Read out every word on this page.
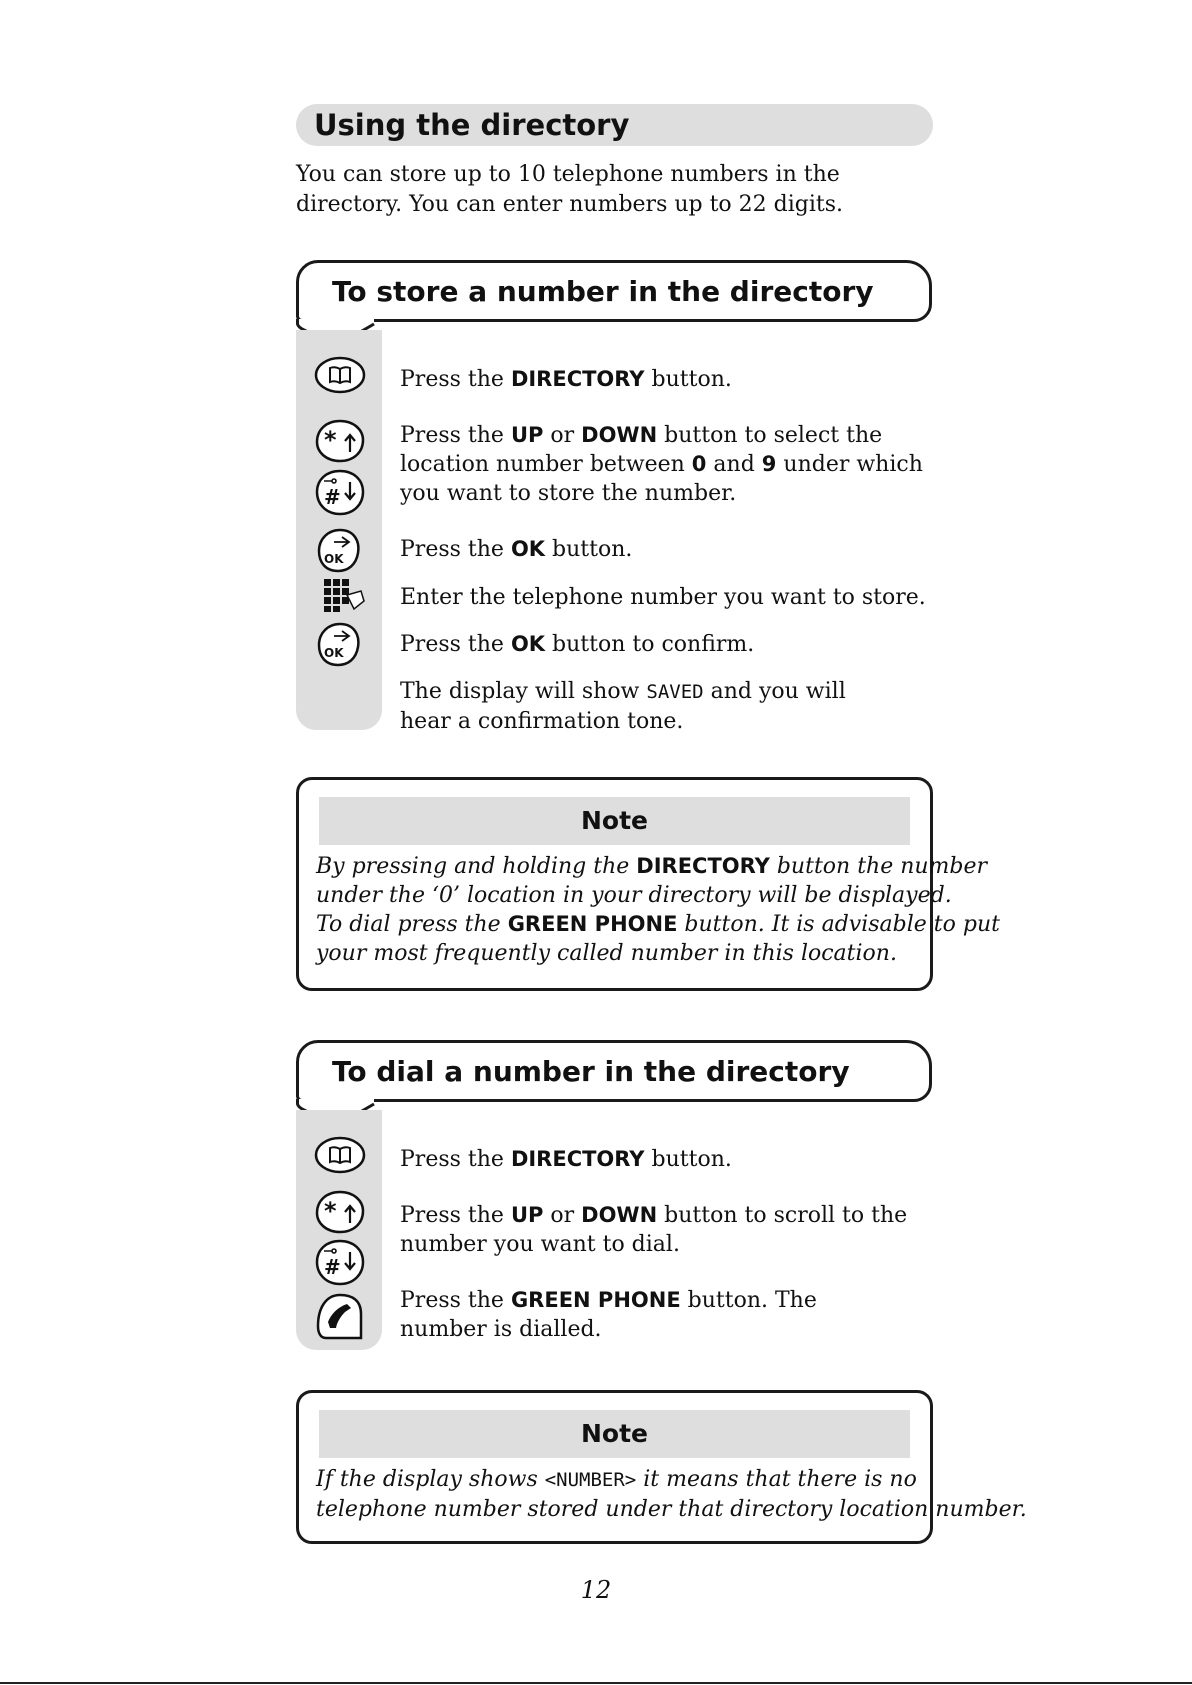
Using the directory
You can store up to 10 telephone numbers in the directory. You can enter numbers up to 22 digits.
To store a number in the directory
*
#
OK
OK
Press the DIRECTORY button.
Press the UP or DOWN button to select the location number between 0 and 9 under which you want to store the number.
Press the OK button.
Enter the telephone number you want to store.
Press the OK button to confirm.
The display will show SAVED and you will hear a confirmation tone.
Note
By pressing and holding the DIRECTORY button the number
under the ‘0’ location in your directory will be displayed.
To dial press the GREEN PHONE button. It is advisable to put
your most frequently called number in this location.
To dial a number in the directory
*
#
Press the DIRECTORY button.
Press the UP or DOWN button to scroll to the number you want to dial.
Press the GREEN PHONE button. The number is dialled.
Note
If the display shows <NUMBER> it means that there is no
telephone number stored under that directory location number.
12
